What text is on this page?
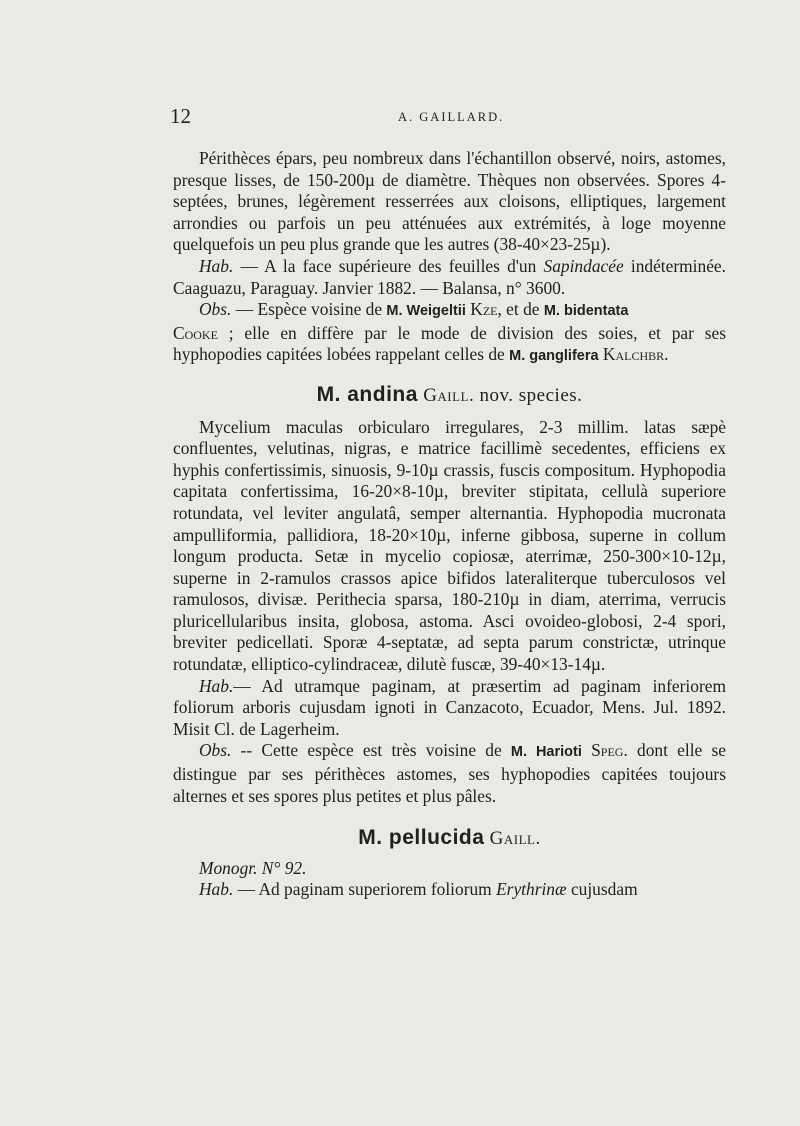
12	A. GAILLARD.

Périthèces épars, peu nombreux dans l'échantillon observé, noirs, astomes, presque lisses, de 150-200µ de diamètre. Thèques non observées. Spores 4-septées, brunes, légèrement resserrées aux cloisons, elliptiques, largement arrondies ou parfois un peu atténuées aux extrémités, à loge moyenne quelquefois un peu plus grande que les autres (38-40×23-25µ).

Hab. — A la face supérieure des feuilles d'un Sapindacée indéterminée. Caaguazu, Paraguay. Janvier 1882. — Balansa, n° 3600.

Obs. — Espèce voisine de M. Weigeltii Kze, et de M. bidentata
Cooke ; elle en diffère par le mode de division des soies, et par ses hyphopodies capitées lobées rappelant celles de M. ganglifera Kalchbr.

M. andina Gaill. nov. species.

Mycelium maculas orbicularo irregulares, 2-3 millim. latas sæpè confluentes, velutinas, nigras, e matrice facillimè secedentes, efficiens ex hyphis confertissimis, sinuosis, 9-10µ crassis, fuscis compositum. Hyphopodia capitata confertissima, 16-20×8-10µ, breviter stipitata, cellulà superiore rotundata, vel leviter angulatâ, semper alternantia. Hyphopodia mucronata ampulliformia, pallidiora, 18-20×10µ, inferne gibbosa, superne in collum longum producta. Setæ in mycelio copiosæ, aterrimæ, 250-300×10-12µ, superne in 2-ramulos crassos apice bifidos lateraliterque tuberculosos vel ramulosos, divisæ. Perithecia sparsa, 180-210µ in diam, aterrima, verrucis pluricellularibus insita, globosa, astoma. Asci ovoideo-globosi, 2-4 spori, breviter pedicellati. Sporæ 4-septatæ, ad septa parum constrictæ, utrinque rotundatæ, elliptico-cylindraceæ, dilutè fuscæ, 39-40×13-14µ.

Hab.— Ad utramque paginam, at præsertim ad paginam inferiorem foliorum arboris cujusdam ignoti in Canzacoto, Ecuador, Mens. Jul. 1892. Misit Cl. de Lagerheim.

Obs. -- Cette espèce est très voisine de M. Harioti Speg. dont elle se distingue par ses périthèces astomes, ses hyphopodies capitées toujours alternes et ses spores plus petites et plus pâles.

M. pellucida Gaill.

Monogr. N° 92.

Hab. — Ad paginam superiorem foliorum Erythrinæ cujusdam
